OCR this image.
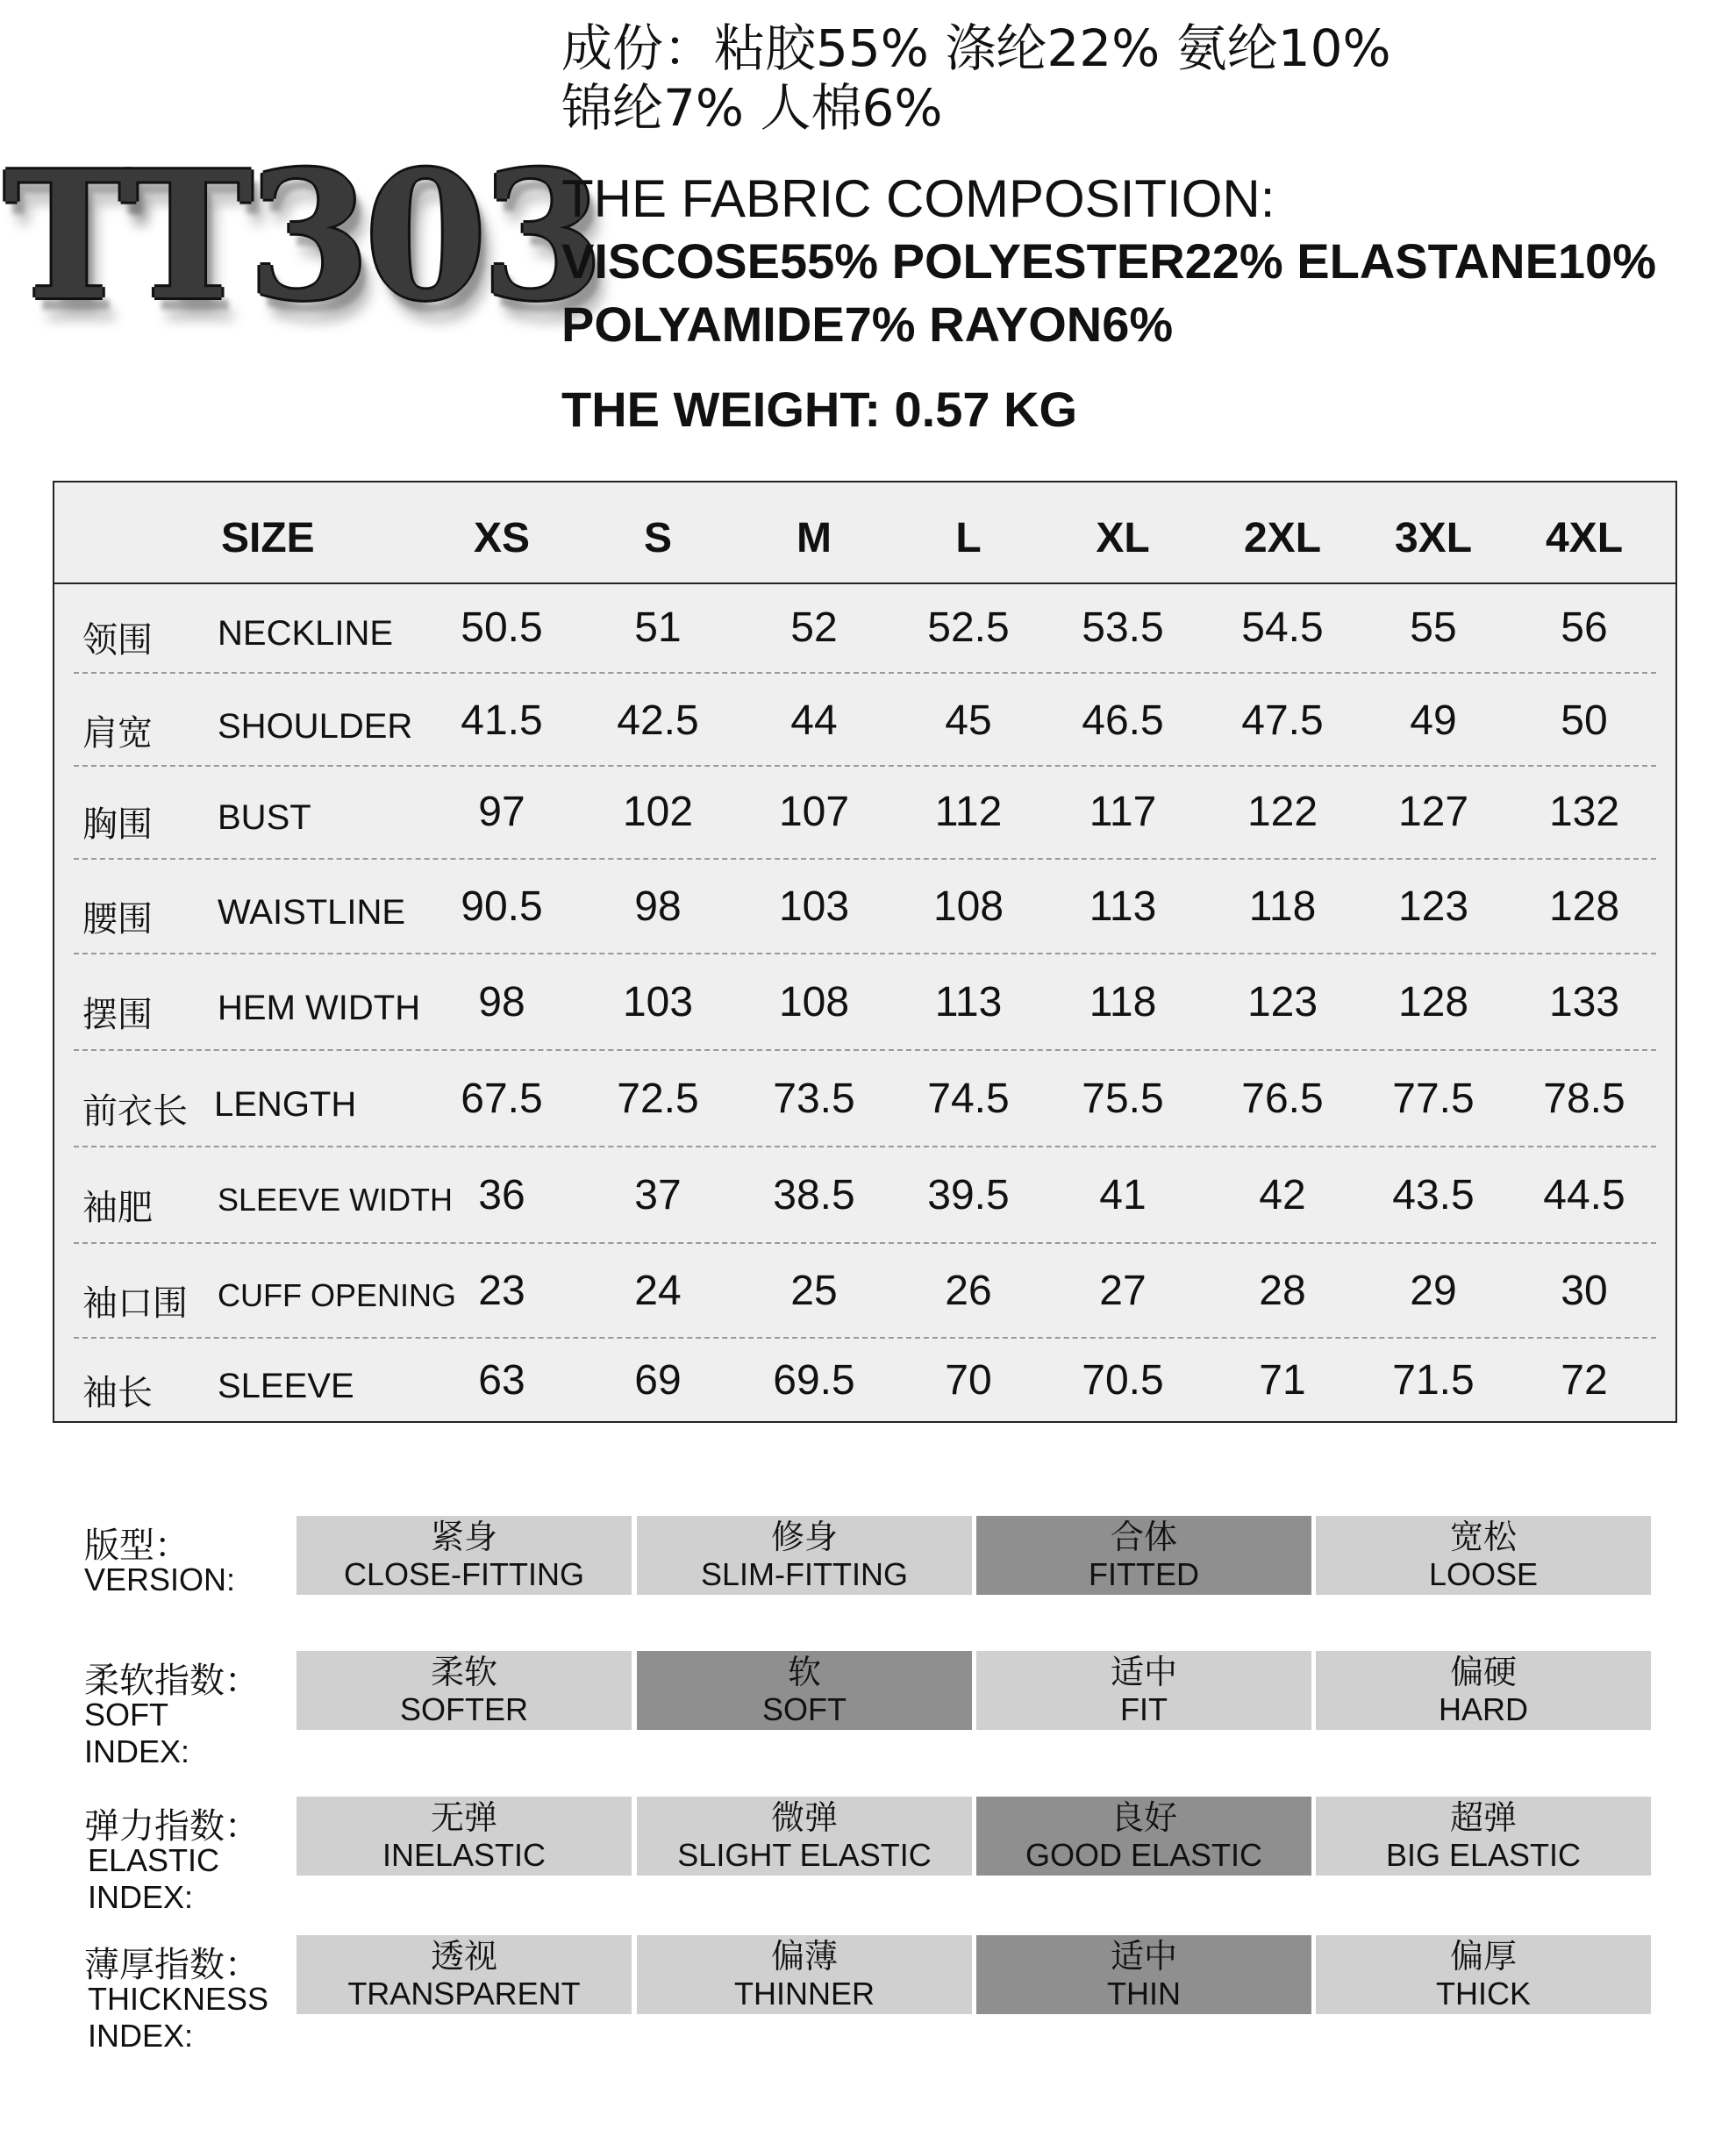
TT303
成份：粘胶55% 涤纶22% 氨纶10%
锦纶7% 人棉6%
THE FABRIC COMPOSITION:
VISCOSE55% POLYESTER22% ELASTANE10%
POLYAMIDE7% RAYON6%
THE WEIGHT: 0.57 KG
SIZE	XS	S	M	L	XL	2XL	3XL	4XL
领围 NECKLINE	50.5	51	52	52.5	53.5	54.5	55	56
肩宽 SHOULDER	41.5	42.5	44	45	46.5	47.5	49	50
胸围 BUST	97	102	107	112	117	122	127	132
腰围 WAISTLINE	90.5	98	103	108	113	118	123	128
摆围 HEM WIDTH	98	103	108	113	118	123	128	133
前衣长 LENGTH	67.5	72.5	73.5	74.5	75.5	76.5	77.5	78.5
袖肥 SLEEVE WIDTH 36	37	38.5	39.5	41	42	43.5	44.5
袖口围 CUFF OPENING 23	24	25	26	27	28	29	30
袖长 SLEEVE	63	69	69.5	70	70.5	71	71.5	72
版型：
VERSION:
紧身
CLOSE-FITTING
修身
SLIM-FITTING
合体
FITTED
宽松
LOOSE
柔软指数：
SOFT
INDEX:
柔软
SOFTER
软
SOFT
适中
FIT
偏硬
HARD
弹力指数：
ELASTIC
INDEX:
无弹
INELASTIC
微弹
SLIGHT ELASTIC
良好
GOOD ELASTIC
超弹
BIG ELASTIC
薄厚指数：
THICKNESS
INDEX:
透视
TRANSPARENT
偏薄
THINNER
适中
THIN
偏厚
THICK
